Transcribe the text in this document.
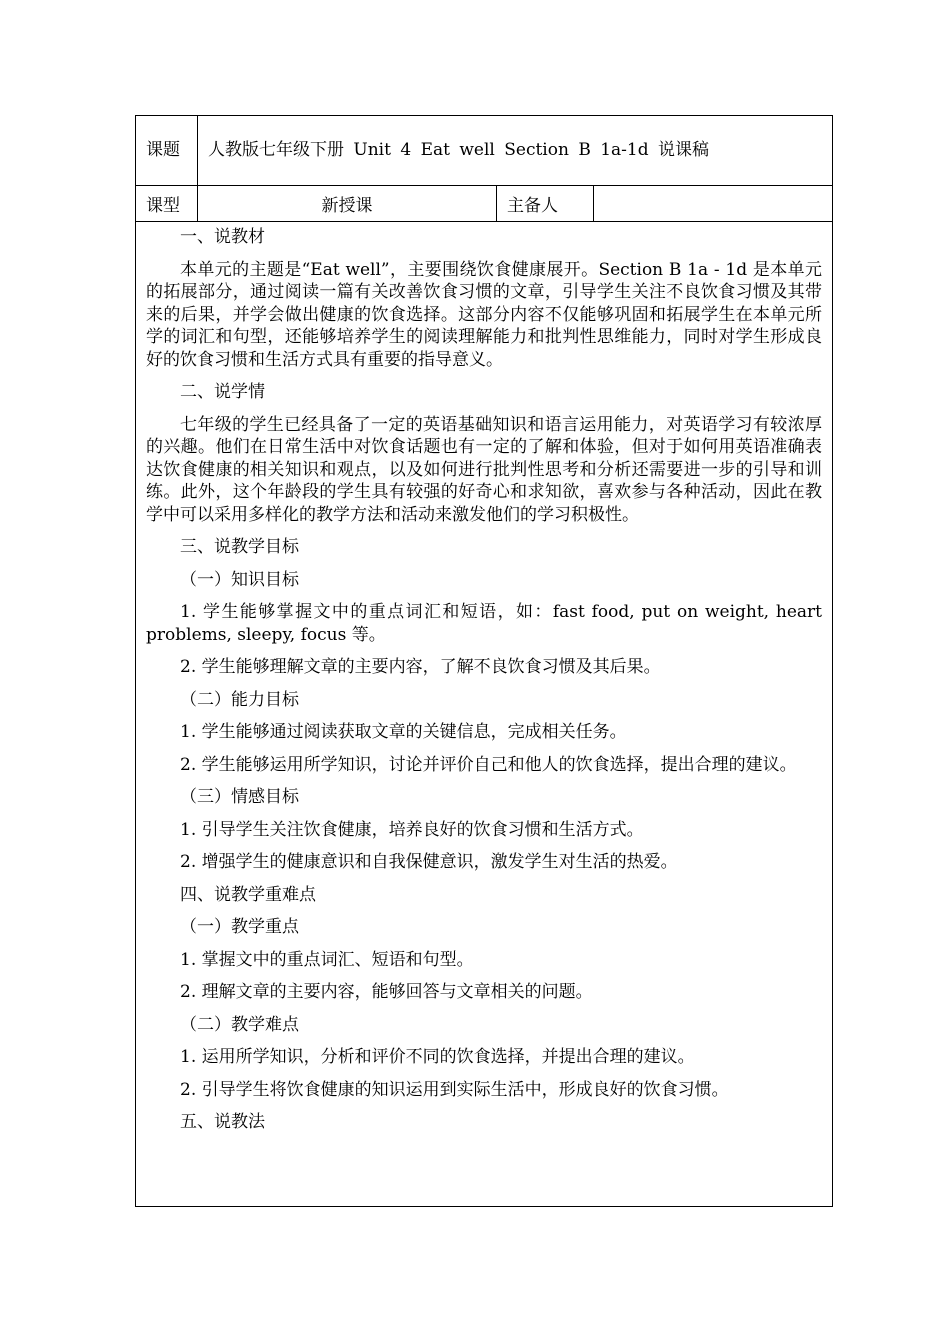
课题	人教版七年级下册 Unit 4 Eat well Section B 1a-1d 说课稿
课型	新授课	主备人

一、说教材

本单元的主题是“Eat well”，主要围绕饮食健康展开。Section B 1a - 1d 是本单元的拓展部分，通过阅读一篇有关改善饮食习惯的文章，引导学生关注不良饮食习惯及其带来的后果，并学会做出健康的饮食选择。这部分内容不仅能够巩固和拓展学生在本单元所学的词汇和句型，还能够培养学生的阅读理解能力和批判性思维能力，同时对学生形成良好的饮食习惯和生活方式具有重要的指导意义。

二、说学情

七年级的学生已经具备了一定的英语基础知识和语言运用能力，对英语学习有较浓厚的兴趣。他们在日常生活中对饮食话题也有一定的了解和体验，但对于如何用英语准确表达饮食健康的相关知识和观点，以及如何进行批判性思考和分析还需要进一步的引导和训练。此外，这个年龄段的学生具有较强的好奇心和求知欲，喜欢参与各种活动，因此在教学中可以采用多样化的教学方法和活动来激发他们的学习积极性。

三、说教学目标

（一）知识目标

1. 学生能够掌握文中的重点词汇和短语，如：fast food, put on weight, heart problems, sleepy, focus 等。

2. 学生能够理解文章的主要内容，了解不良饮食习惯及其后果。

（二）能力目标

1. 学生能够通过阅读获取文章的关键信息，完成相关任务。

2. 学生能够运用所学知识，讨论并评价自己和他人的饮食选择，提出合理的建议。

（三）情感目标

1. 引导学生关注饮食健康，培养良好的饮食习惯和生活方式。

2. 增强学生的健康意识和自我保健意识，激发学生对生活的热爱。

四、说教学重难点

（一）教学重点

1. 掌握文中的重点词汇、短语和句型。

2. 理解文章的主要内容，能够回答与文章相关的问题。

（二）教学难点

1. 运用所学知识，分析和评价不同的饮食选择，并提出合理的建议。

2. 引导学生将饮食健康的知识运用到实际生活中，形成良好的饮食习惯。

五、说教法
